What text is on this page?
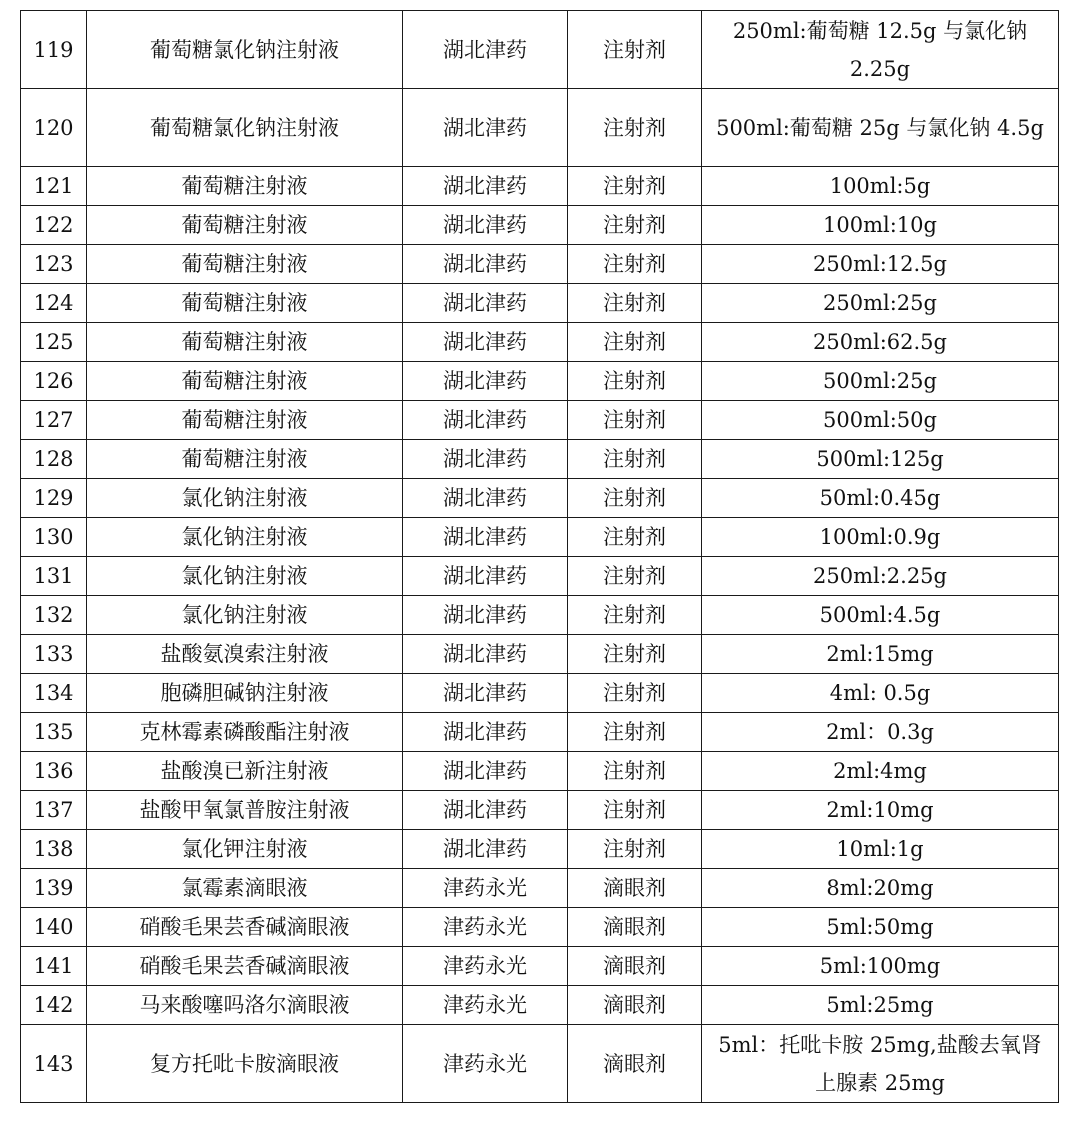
119	葡萄糖氯化钠注射液	湖北津药	注射剂	250ml:葡萄糖 12.5g 与氯化钠 2.25g
120	葡萄糖氯化钠注射液	湖北津药	注射剂	500ml:葡萄糖 25g 与氯化钠 4.5g
121	葡萄糖注射液	湖北津药	注射剂	100ml:5g
122	葡萄糖注射液	湖北津药	注射剂	100ml:10g
123	葡萄糖注射液	湖北津药	注射剂	250ml:12.5g
124	葡萄糖注射液	湖北津药	注射剂	250ml:25g
125	葡萄糖注射液	湖北津药	注射剂	250ml:62.5g
126	葡萄糖注射液	湖北津药	注射剂	500ml:25g
127	葡萄糖注射液	湖北津药	注射剂	500ml:50g
128	葡萄糖注射液	湖北津药	注射剂	500ml:125g
129	氯化钠注射液	湖北津药	注射剂	50ml:0.45g
130	氯化钠注射液	湖北津药	注射剂	100ml:0.9g
131	氯化钠注射液	湖北津药	注射剂	250ml:2.25g
132	氯化钠注射液	湖北津药	注射剂	500ml:4.5g
133	盐酸氨溴索注射液	湖北津药	注射剂	2ml:15mg
134	胞磷胆碱钠注射液	湖北津药	注射剂	4ml: 0.5g
135	克林霉素磷酸酯注射液	湖北津药	注射剂	2ml：0.3g
136	盐酸溴已新注射液	湖北津药	注射剂	2ml:4mg
137	盐酸甲氧氯普胺注射液	湖北津药	注射剂	2ml:10mg
138	氯化钾注射液	湖北津药	注射剂	10ml:1g
139	氯霉素滴眼液	津药永光	滴眼剂	8ml:20mg
140	硝酸毛果芸香碱滴眼液	津药永光	滴眼剂	5ml:50mg
141	硝酸毛果芸香碱滴眼液	津药永光	滴眼剂	5ml:100mg
142	马来酸噻吗洛尔滴眼液	津药永光	滴眼剂	5ml:25mg
143	复方托吡卡胺滴眼液	津药永光	滴眼剂	5ml：托吡卡胺 25mg,盐酸去氧肾上腺素 25mg
